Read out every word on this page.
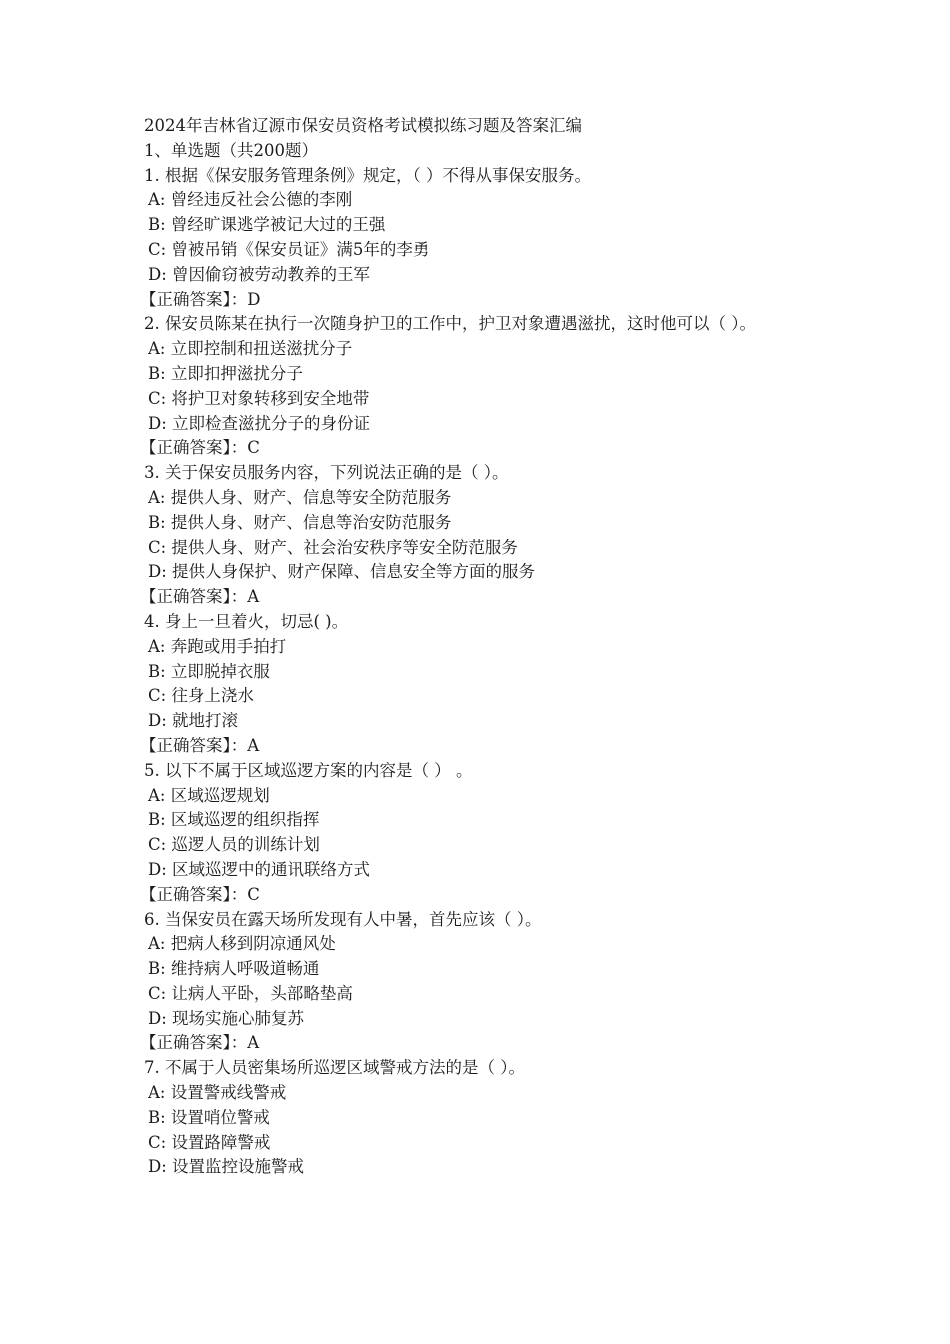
2024年吉林省辽源市保安员资格考试模拟练习题及答案汇编
1、单选题（共200题）
1. 根据《保安服务管理条例》规定，（ ）不得从事保安服务。
A: 曾经违反社会公德的李刚
B: 曾经旷课逃学被记大过的王强
C: 曾被吊销《保安员证》满5年的李勇
D: 曾因偷窃被劳动教养的王军
【正确答案】：D
2. 保安员陈某在执行一次随身护卫的工作中，护卫对象遭遇滋扰，这时他可以（ ）。
A: 立即控制和扭送滋扰分子
B: 立即扣押滋扰分子
C: 将护卫对象转移到安全地带
D: 立即检查滋扰分子的身份证
【正确答案】：C
3. 关于保安员服务内容，下列说法正确的是（ ）。
A: 提供人身、财产、信息等安全防范服务
B: 提供人身、财产、信息等治安防范服务
C: 提供人身、财产、社会治安秩序等安全防范服务
D: 提供人身保护、财产保障、信息安全等方面的服务
【正确答案】：A
4. 身上一旦着火，切忌( )。
A: 奔跑或用手拍打
B: 立即脱掉衣服
C: 往身上浇水
D: 就地打滚
【正确答案】：A
5. 以下不属于区域巡逻方案的内容是（ ） 。
A: 区域巡逻规划
B: 区域巡逻的组织指挥
C: 巡逻人员的训练计划
D: 区域巡逻中的通讯联络方式
【正确答案】：C
6. 当保安员在露天场所发现有人中暑，首先应该（ ）。
A: 把病人移到阴凉通风处
B: 维持病人呼吸道畅通
C: 让病人平卧，头部略垫高
D: 现场实施心肺复苏
【正确答案】：A
7. 不属于人员密集场所巡逻区域警戒方法的是（ ）。
A: 设置警戒线警戒
B: 设置哨位警戒
C: 设置路障警戒
D: 设置监控设施警戒
